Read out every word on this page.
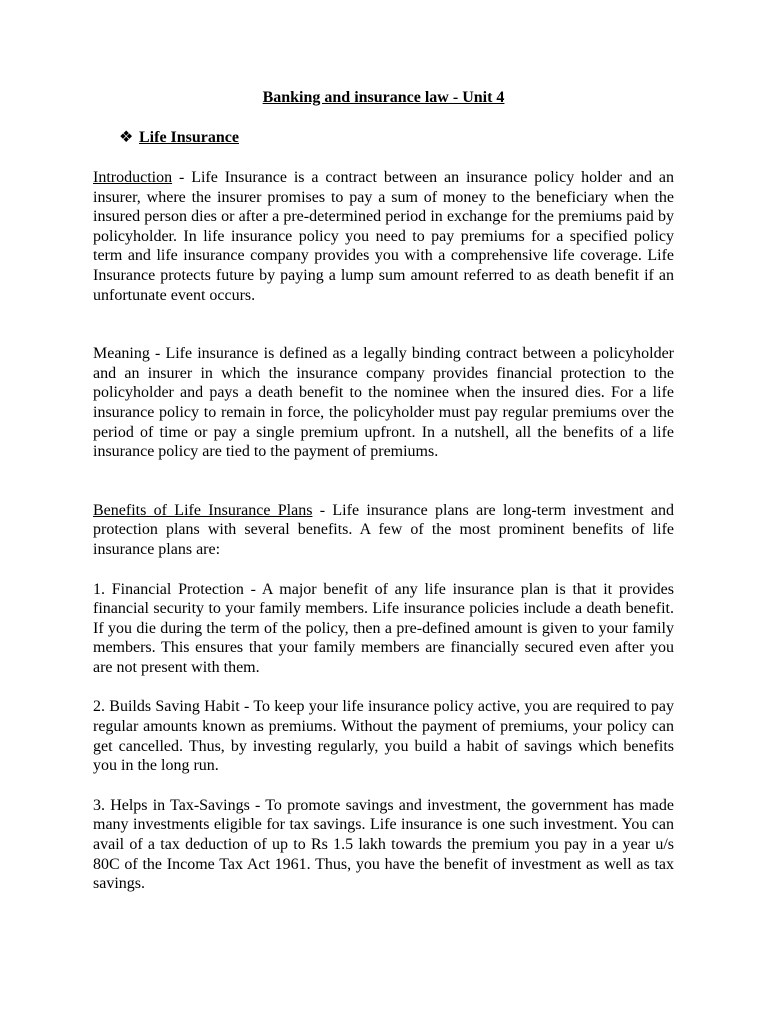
Banking and insurance law - Unit 4
❖ Life Insurance

Introduction - Life Insurance is a contract between an insurance policy holder and an insurer, where the insurer promises to pay a sum of money to the beneficiary when the insured person dies or after a pre-determined period in exchange for the premiums paid by policyholder. In life insurance policy you need to pay premiums for a specified policy term and life insurance company provides you with a comprehensive life coverage. Life Insurance protects future by paying a lump sum amount referred to as death benefit if an unfortunate event occurs.

Meaning - Life insurance is defined as a legally binding contract between a policyholder and an insurer in which the insurance company provides financial protection to the policyholder and pays a death benefit to the nominee when the insured dies. For a life insurance policy to remain in force, the policyholder must pay regular premiums over the period of time or pay a single premium upfront. In a nutshell, all the benefits of a life insurance policy are tied to the payment of premiums.

Benefits of Life Insurance Plans - Life insurance plans are long-term investment and protection plans with several benefits. A few of the most prominent benefits of life insurance plans are:

1. Financial Protection - A major benefit of any life insurance plan is that it provides financial security to your family members. Life insurance policies include a death benefit. If you die during the term of the policy, then a pre-defined amount is given to your family members. This ensures that your family members are financially secured even after you are not present with them.

2. Builds Saving Habit - To keep your life insurance policy active, you are required to pay regular amounts known as premiums. Without the payment of premiums, your policy can get cancelled. Thus, by investing regularly, you build a habit of savings which benefits you in the long run.

3. Helps in Tax-Savings - To promote savings and investment, the government has made many investments eligible for tax savings. Life insurance is one such investment. You can avail of a tax deduction of up to Rs 1.5 lakh towards the premium you pay in a year u/s 80C of the Income Tax Act 1961. Thus, you have the benefit of investment as well as tax savings.
